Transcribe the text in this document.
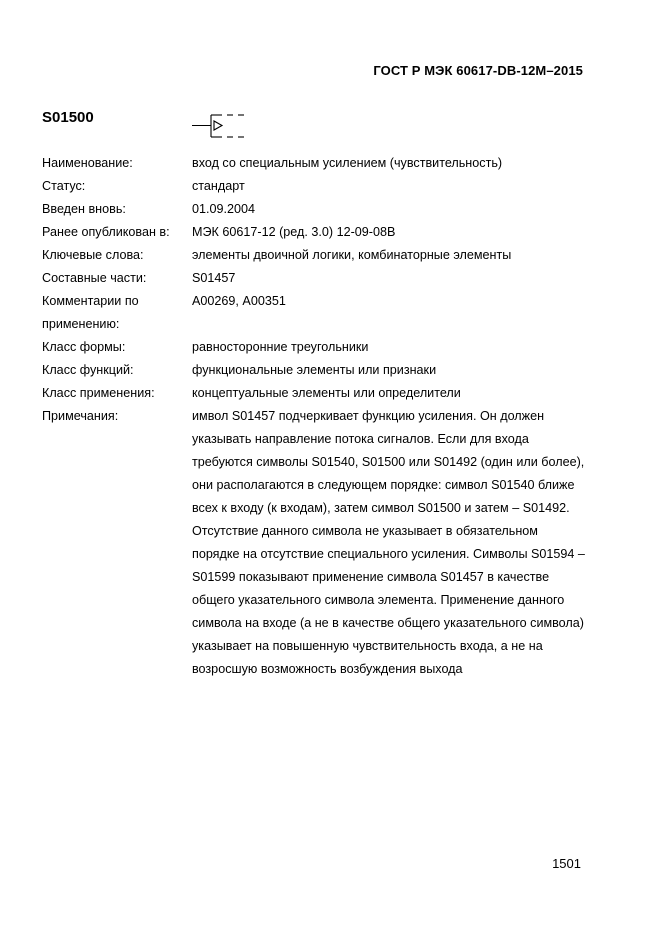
ГОСТ Р МЭК 60617-DB-12M–2015
S01500
Наименование:	вход со специальным усилением (чувствительность)
Статус:	стандарт
Введен вновь:	01.09.2004
Ранее опубликован в:	МЭК 60617-12 (ред. 3.0) 12-09-08В
Ключевые слова:	элементы двоичной логики, комбинаторные элементы
Составные части:	S01457
Комментарии по применению:
А00269, А00351
Класс формы:	равносторонние треугольники
Класс функций:	функциональные элементы или признаки
Класс применения:	концептуальные элементы или определители
Примечания:	имвол S01457 подчеркивает функцию усиления. Он должен указывать направление потока сигналов. Если для входа требуются символы S01540, S01500 или S01492 (один или более), они располагаются в следующем порядке: символ S01540 ближе всех к входу (к входам), затем символ S01500 и затем – S01492. Отсутствие данного символа не указывает в обязательном порядке на отсутствие специального усиления. Символы S01594 – S01599 показывают применение символа S01457 в качестве общего указательного символа элемента. Применение данного символа на входе (а не в качестве общего указательного символа) указывает на повышенную чувствительность входа, а не на возросшую возможность возбуждения выхода
1501
